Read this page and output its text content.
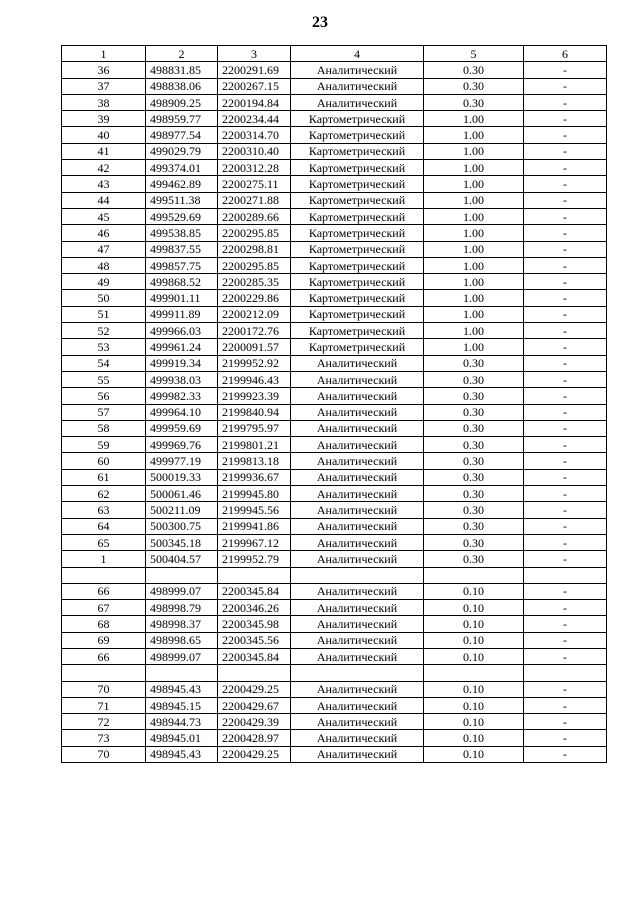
23
1	2	3	4	5	6
36	498831.85	2200291.69	Аналитический	0.30	-
37	498838.06	2200267.15	Аналитический	0.30	-
38	498909.25	2200194.84	Аналитический	0.30	-
39	498959.77	2200234.44	Картометрический	1.00	-
40	498977.54	2200314.70	Картометрический	1.00	-
41	499029.79	2200310.40	Картометрический	1.00	-
42	499374.01	2200312.28	Картометрический	1.00	-
43	499462.89	2200275.11	Картометрический	1.00	-
44	499511.38	2200271.88	Картометрический	1.00	-
45	499529.69	2200289.66	Картометрический	1.00	-
46	499538.85	2200295.85	Картометрический	1.00	-
47	499837.55	2200298.81	Картометрический	1.00	-
48	499857.75	2200295.85	Картометрический	1.00	-
49	499868.52	2200285.35	Картометрический	1.00	-
50	499901.11	2200229.86	Картометрический	1.00	-
51	499911.89	2200212.09	Картометрический	1.00	-
52	499966.03	2200172.76	Картометрический	1.00	-
53	499961.24	2200091.57	Картометрический	1.00	-
54	499919.34	2199952.92	Аналитический	0.30	-
55	499938.03	2199946.43	Аналитический	0.30	-
56	499982.33	2199923.39	Аналитический	0.30	-
57	499964.10	2199840.94	Аналитический	0.30	-
58	499959.69	2199795.97	Аналитический	0.30	-
59	499969.76	2199801.21	Аналитический	0.30	-
60	499977.19	2199813.18	Аналитический	0.30	-
61	500019.33	2199936.67	Аналитический	0.30	-
62	500061.46	2199945.80	Аналитический	0.30	-
63	500211.09	2199945.56	Аналитический	0.30	-
64	500300.75	2199941.86	Аналитический	0.30	-
65	500345.18	2199967.12	Аналитический	0.30	-
1	500404.57	2199952.79	Аналитический	0.30	-

66	498999.07	2200345.84	Аналитический	0.10	-
67	498998.79	2200346.26	Аналитический	0.10	-
68	498998.37	2200345.98	Аналитический	0.10	-
69	498998.65	2200345.56	Аналитический	0.10	-
66	498999.07	2200345.84	Аналитический	0.10	-

70	498945.43	2200429.25	Аналитический	0.10	-
71	498945.15	2200429.67	Аналитический	0.10	-
72	498944.73	2200429.39	Аналитический	0.10	-
73	498945.01	2200428.97	Аналитический	0.10	-
70	498945.43	2200429.25	Аналитический	0.10	-
